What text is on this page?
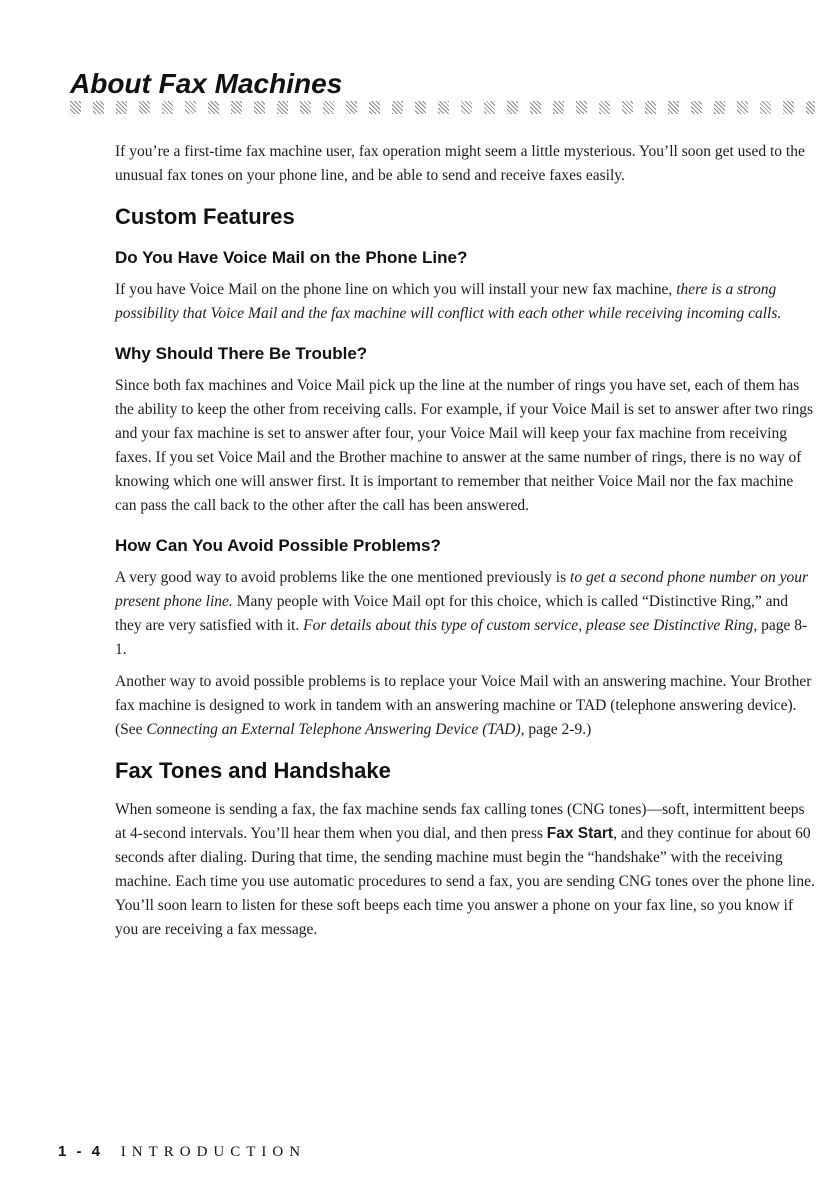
About Fax Machines

If you’re a first-time fax machine user, fax operation might seem a little mysterious. You’ll soon get used to the unusual fax tones on your phone line, and be able to send and receive faxes easily.

Custom Features
Do You Have Voice Mail on the Phone Line?

If you have Voice Mail on the phone line on which you will install your new fax machine, there is a strong possibility that Voice Mail and the fax machine will conflict with each other while receiving incoming calls.

Why Should There Be Trouble?

Since both fax machines and Voice Mail pick up the line at the number of rings you have set, each of them has the ability to keep the other from receiving calls. For example, if your Voice Mail is set to answer after two rings and your fax machine is set to answer after four, your Voice Mail will keep your fax machine from receiving faxes. If you set Voice Mail and the Brother machine to answer at the same number of rings, there is no way of knowing which one will answer first. It is important to remember that neither Voice Mail nor the fax machine can pass the call back to the other after the call has been answered.

How Can You Avoid Possible Problems?

A very good way to avoid problems like the one mentioned previously is to get a second phone number on your present phone line. Many people with Voice Mail opt for this choice, which is called “Distinctive Ring,” and they are very satisfied with it. For details about this type of custom service, please see Distinctive Ring, page 8-1.

Another way to avoid possible problems is to replace your Voice Mail with an answering machine. Your Brother fax machine is designed to work in tandem with an answering machine or TAD (telephone answering device). (See Connecting an External Telephone Answering Device (TAD), page 2-9.)

Fax Tones and Handshake

When someone is sending a fax, the fax machine sends fax calling tones (CNG tones)—soft, intermittent beeps at 4-second intervals. You’ll hear them when you dial, and then press Fax Start, and they continue for about 60 seconds after dialing. During that time, the sending machine must begin the “handshake” with the receiving machine. Each time you use automatic procedures to send a fax, you are sending CNG tones over the phone line. You’ll soon learn to listen for these soft beeps each time you answer a phone on your fax line, so you know if you are receiving a fax message.

1 - 4 INTRODUCTION
